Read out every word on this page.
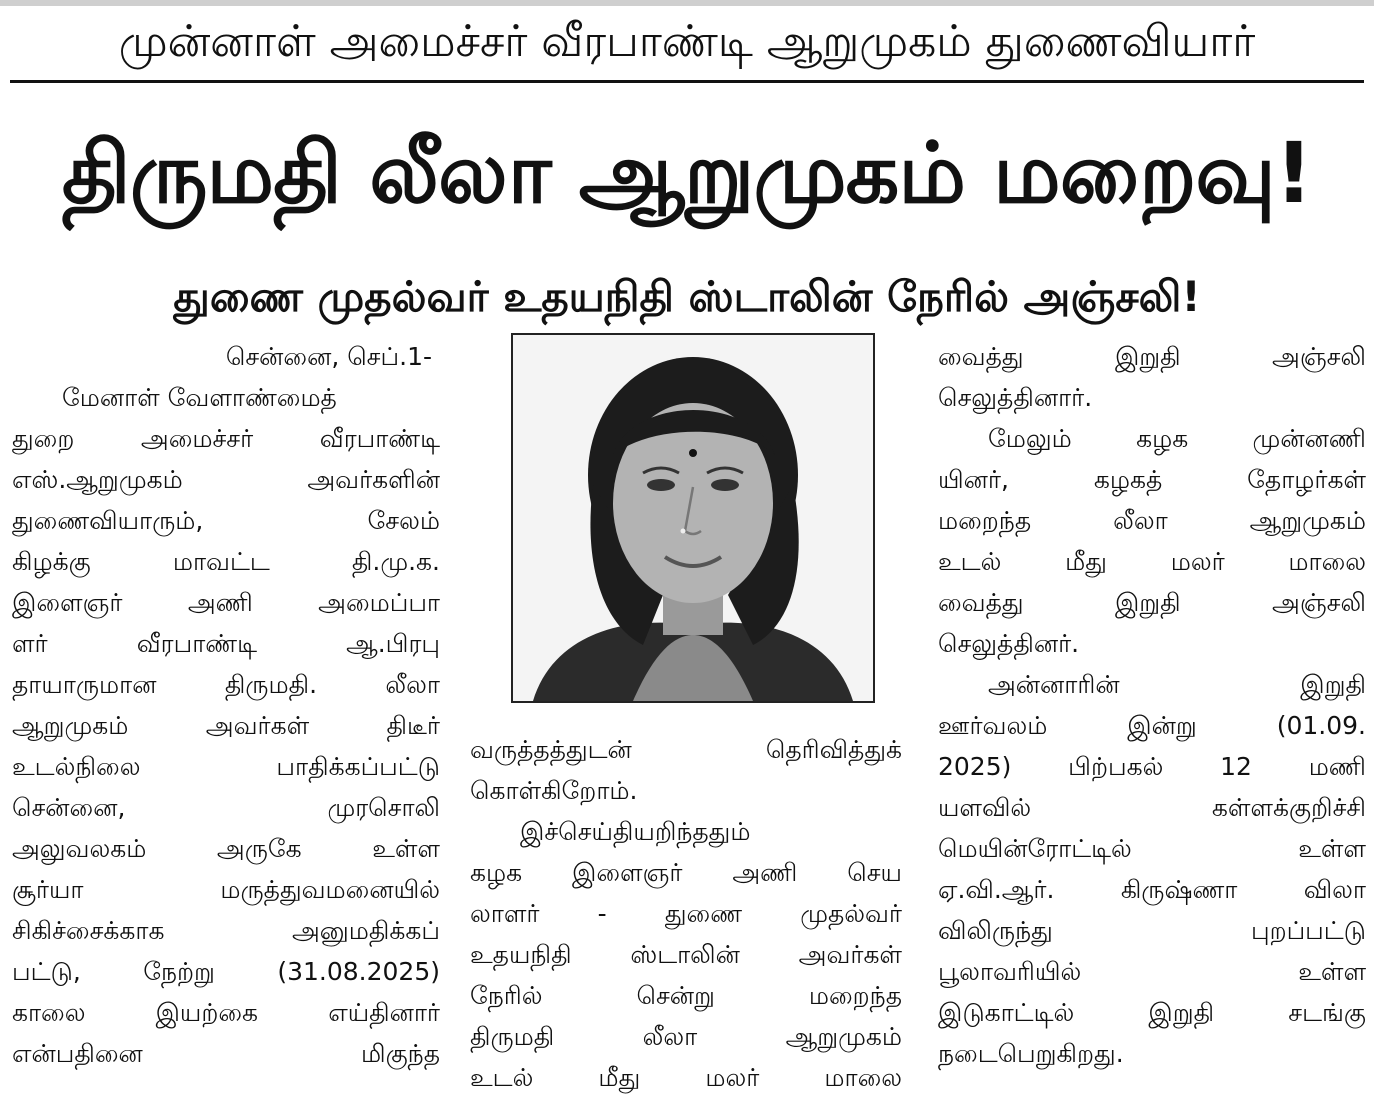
முன்னாள் அமைச்சர் வீரபாண்டி ஆறுமுகம் துணைவியார்
திருமதி லீலா ஆறுமுகம் மறைவு!
துணை முதல்வர் உதயநிதி ஸ்டாலின் நேரில் அஞ்சலி!
சென்னை, செப்.1-
மேனாள் வேளாண்மைத்
துறை அமைச்சர் வீரபாண்டி
எஸ்.ஆறுமுகம் அவர்களின்
துணைவியாரும், சேலம்
கிழக்கு மாவட்ட தி.மு.க.
இளைஞர் அணி அமைப்பா
ளர் வீரபாண்டி ஆ.பிரபு
தாயாருமான திருமதி. லீலா
ஆறுமுகம் அவர்கள் திடீர்
உடல்நிலை பாதிக்கப்பட்டு
சென்னை, முரசொலி
அலுவலகம் அருகே உள்ள
சூர்யா மருத்துவமனையில்
சிகிச்சைக்காக அனுமதிக்கப்
பட்டு, நேற்று (31.08.2025)
காலை இயற்கை எய்தினார்
என்பதினை மிகுந்த
வருத்தத்துடன் தெரிவித்துக்
கொள்கிறோம்.
இச்செய்தியறிந்ததும்
கழக இளைஞர் அணி செய
லாளர் - துணை முதல்வர்
உதயநிதி ஸ்டாலின் அவர்கள்
நேரில் சென்று மறைந்த
திருமதி லீலா ஆறுமுகம்
உடல் மீது மலர் மாலை
வைத்து இறுதி அஞ்சலி
செலுத்தினார்.
மேலும் கழக முன்னணி
யினர், கழகத் தோழர்கள்
மறைந்த லீலா ஆறுமுகம்
உடல் மீது மலர் மாலை
வைத்து இறுதி அஞ்சலி
செலுத்தினர்.
அன்னாரின் இறுதி
ஊர்வலம் இன்று (01.09.
2025) பிற்பகல் 12 மணி
யளவில் கள்ளக்குறிச்சி
மெயின்ரோட்டில் உள்ள
ஏ.வி.ஆர். கிருஷ்ணா விலா
விலிருந்து புறப்பட்டு
பூலாவரியில் உள்ள
இடுகாட்டில் இறுதி சடங்கு
நடைபெறுகிறது.
